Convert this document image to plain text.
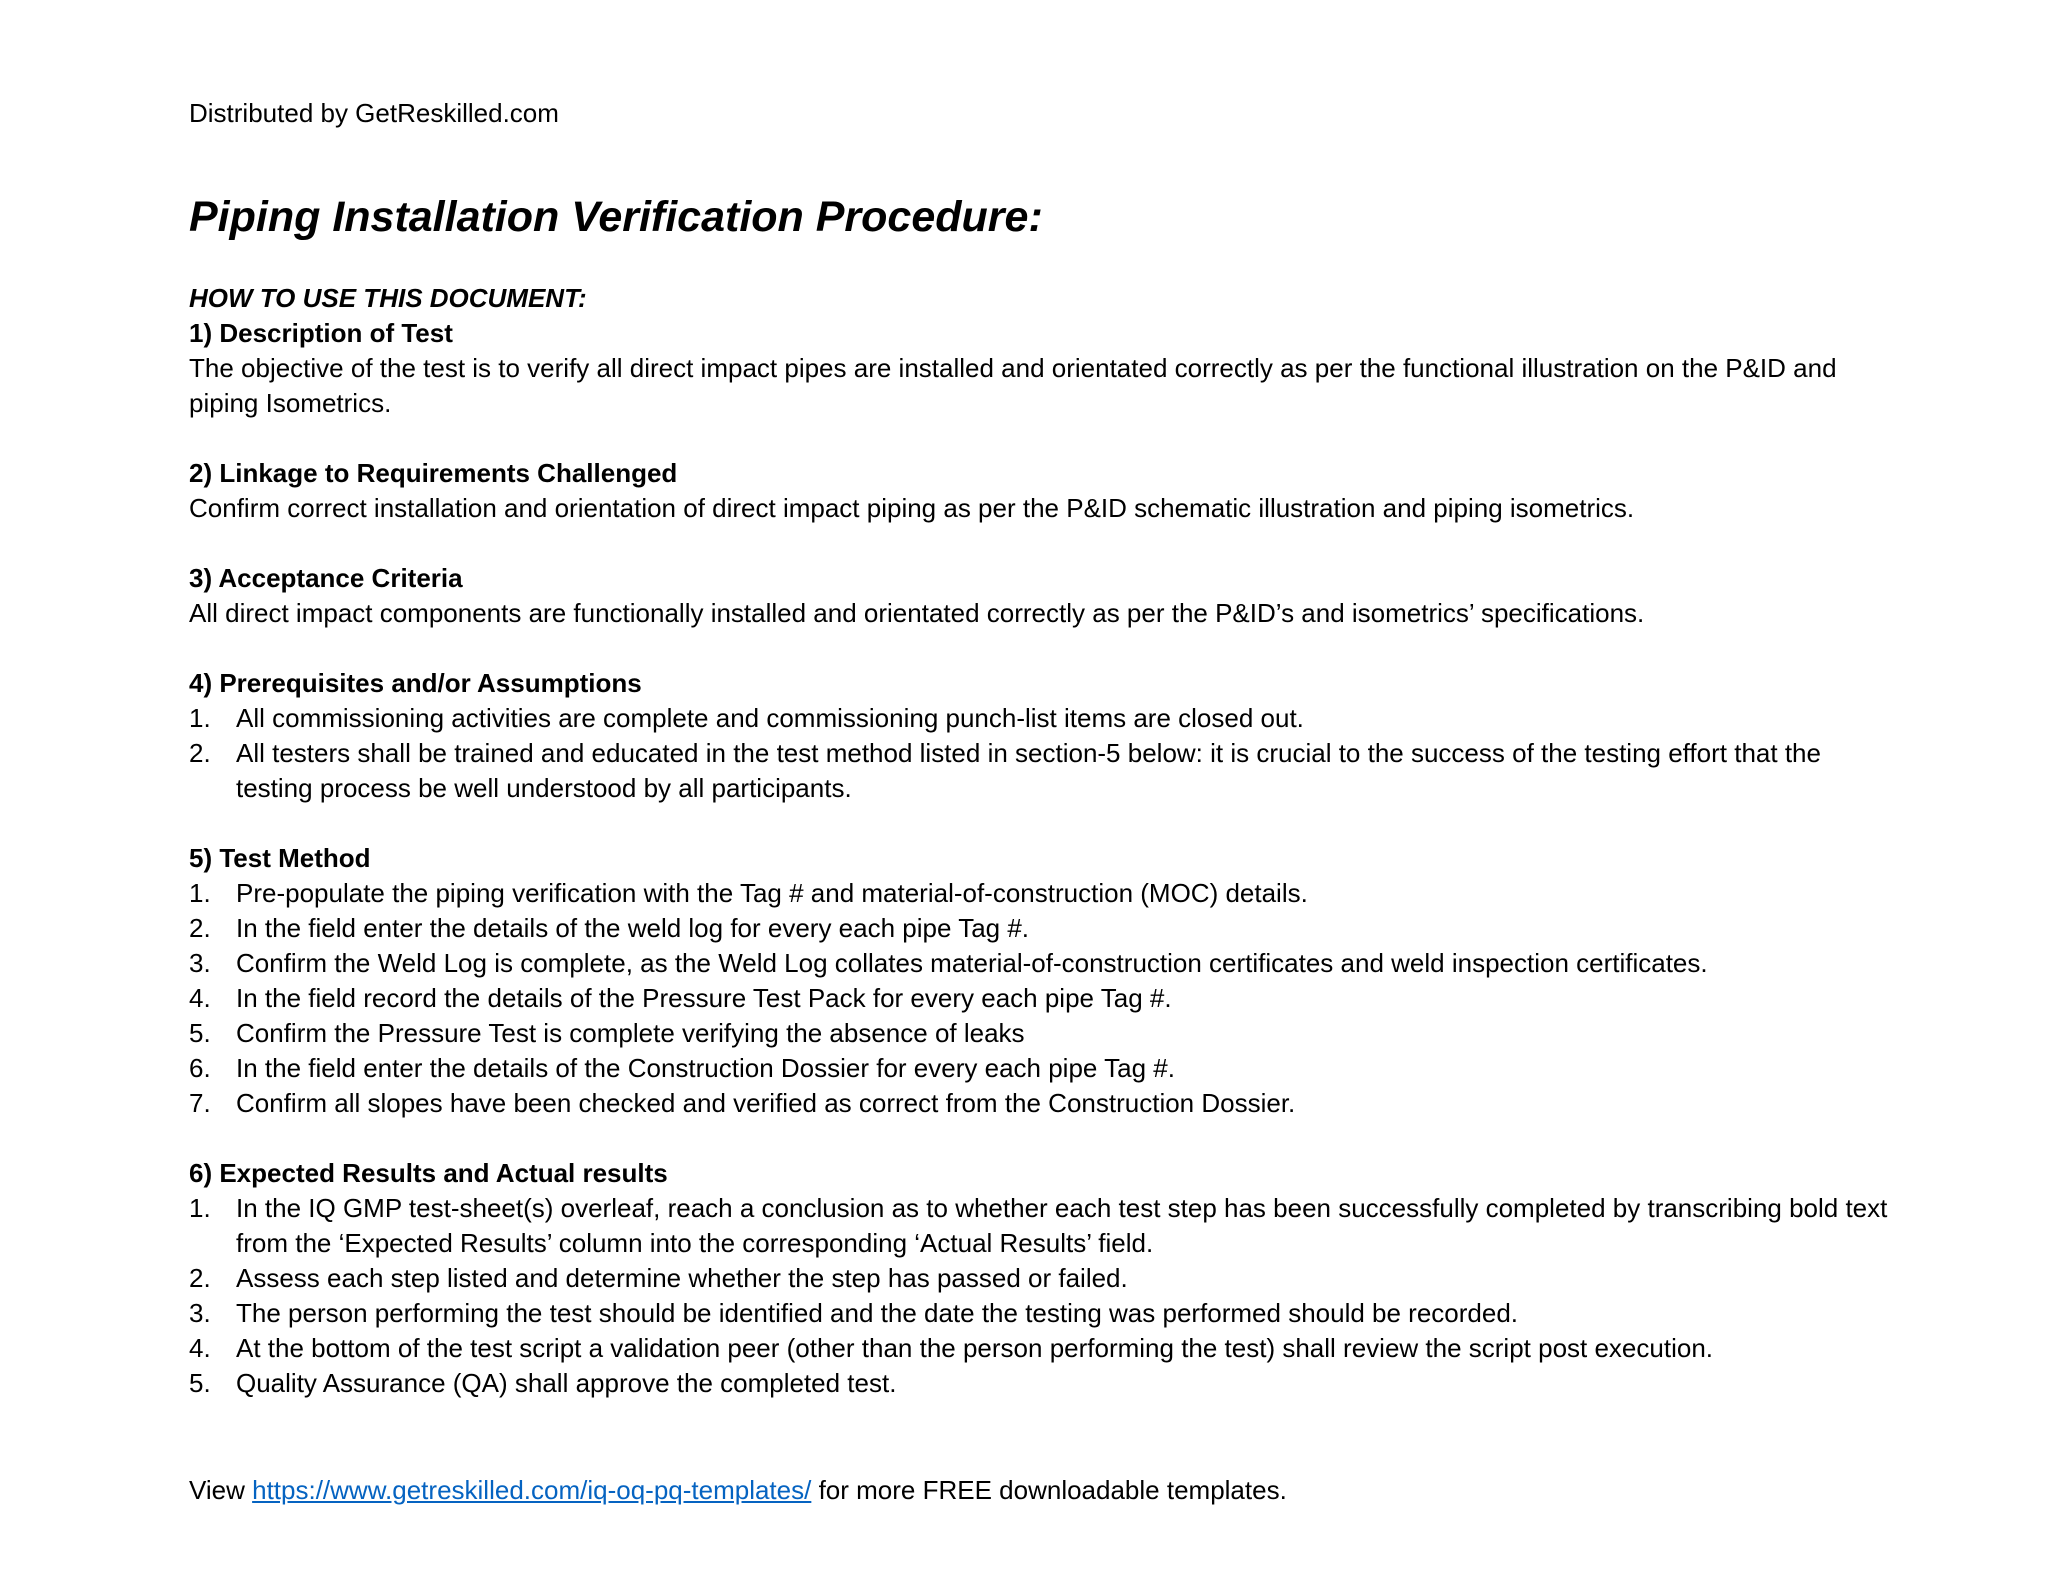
Distributed by GetReskilled.com
Piping Installation Verification Procedure:

HOW TO USE THIS DOCUMENT:

1) Description of Test

The objective of the test is to verify all direct impact pipes are installed and orientated correctly as per the functional illustration on the P&ID and piping Isometrics.

2) Linkage to Requirements Challenged

Confirm correct installation and orientation of direct impact piping as per the P&ID schematic illustration and piping isometrics.

3) Acceptance Criteria

All direct impact components are functionally installed and orientated correctly as per the P&ID’s and isometrics’ specifications.

4) Prerequisites and/or Assumptions

1. All commissioning activities are complete and commissioning punch-list items are closed out.
2. All testers shall be trained and educated in the test method listed in section-5 below: it is crucial to the success of the testing effort that the testing process be well understood by all participants.

5) Test Method

1. Pre-populate the piping verification with the Tag # and material-of-construction (MOC) details.
2. In the field enter the details of the weld log for every each pipe Tag #.
3. Confirm the Weld Log is complete, as the Weld Log collates material-of-construction certificates and weld inspection certificates.
4. In the field record the details of the Pressure Test Pack for every each pipe Tag #.
5. Confirm the Pressure Test is complete verifying the absence of leaks
6. In the field enter the details of the Construction Dossier for every each pipe Tag #.
7. Confirm all slopes have been checked and verified as correct from the Construction Dossier.

6) Expected Results and Actual results

1. In the IQ GMP test-sheet(s) overleaf, reach a conclusion as to whether each test step has been successfully completed by transcribing bold text from the ‘Expected Results’ column into the corresponding ‘Actual Results’ field.
2. Assess each step listed and determine whether the step has passed or failed.
3. The person performing the test should be identified and the date the testing was performed should be recorded.
4. At the bottom of the test script a validation peer (other than the person performing the test) shall review the script post execution.
5. Quality Assurance (QA) shall approve the completed test.
View https://www.getreskilled.com/iq-oq-pq-templates/ for more FREE downloadable templates.
